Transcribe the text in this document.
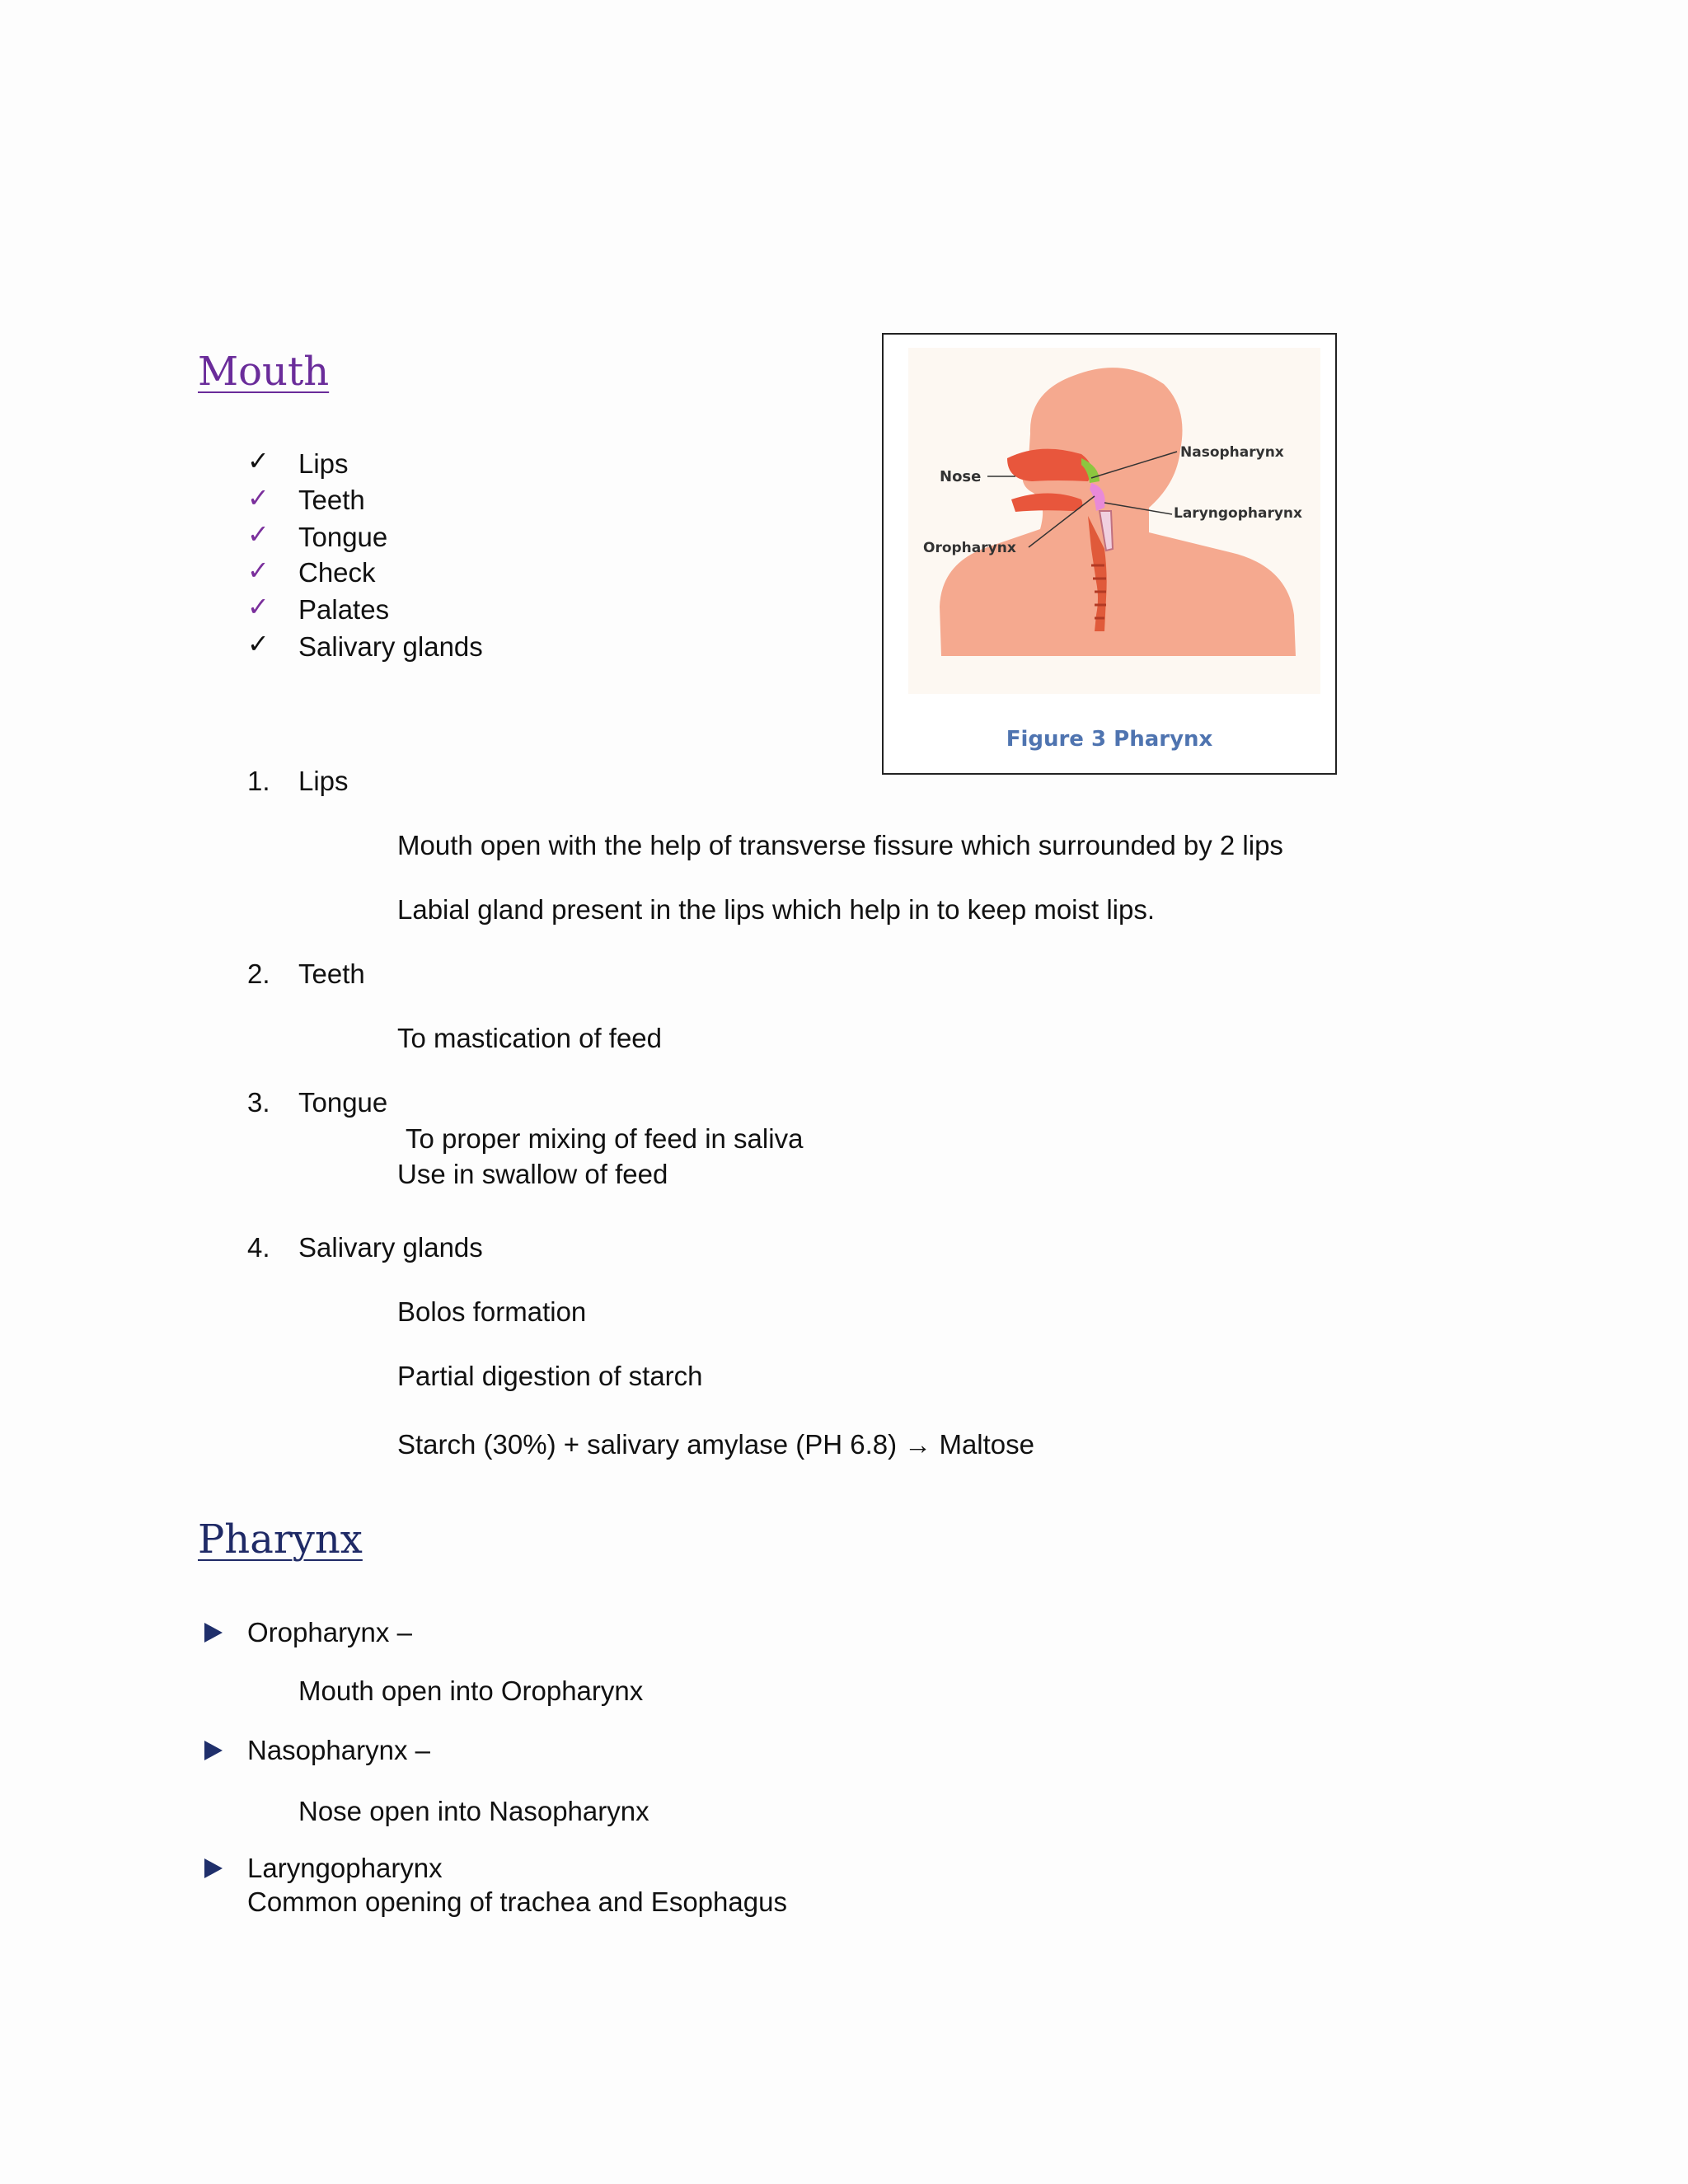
Mouth
✓ Lips
✓ Teeth
✓ Tongue
✓ Check
✓ Palates
✓ Salivary glands
Nose
Nasopharynx
Laryngopharynx
Oropharynx
Figure 3 Pharynx
1. Lips
Mouth open with the help of transverse fissure which surrounded by 2 lips
Labial gland present in the lips which help in to keep moist lips.
2. Teeth
To mastication of feed
3. Tongue
To proper mixing of feed in saliva
Use in swallow of feed
4. Salivary glands
Bolos formation
Partial digestion of starch
Starch (30%) + salivary amylase (PH 6.8) → Maltose
Pharynx
Oropharynx –
Mouth open into Oropharynx
Nasopharynx –
Nose open into Nasopharynx
Laryngopharynx
Common opening of trachea and Esophagus
